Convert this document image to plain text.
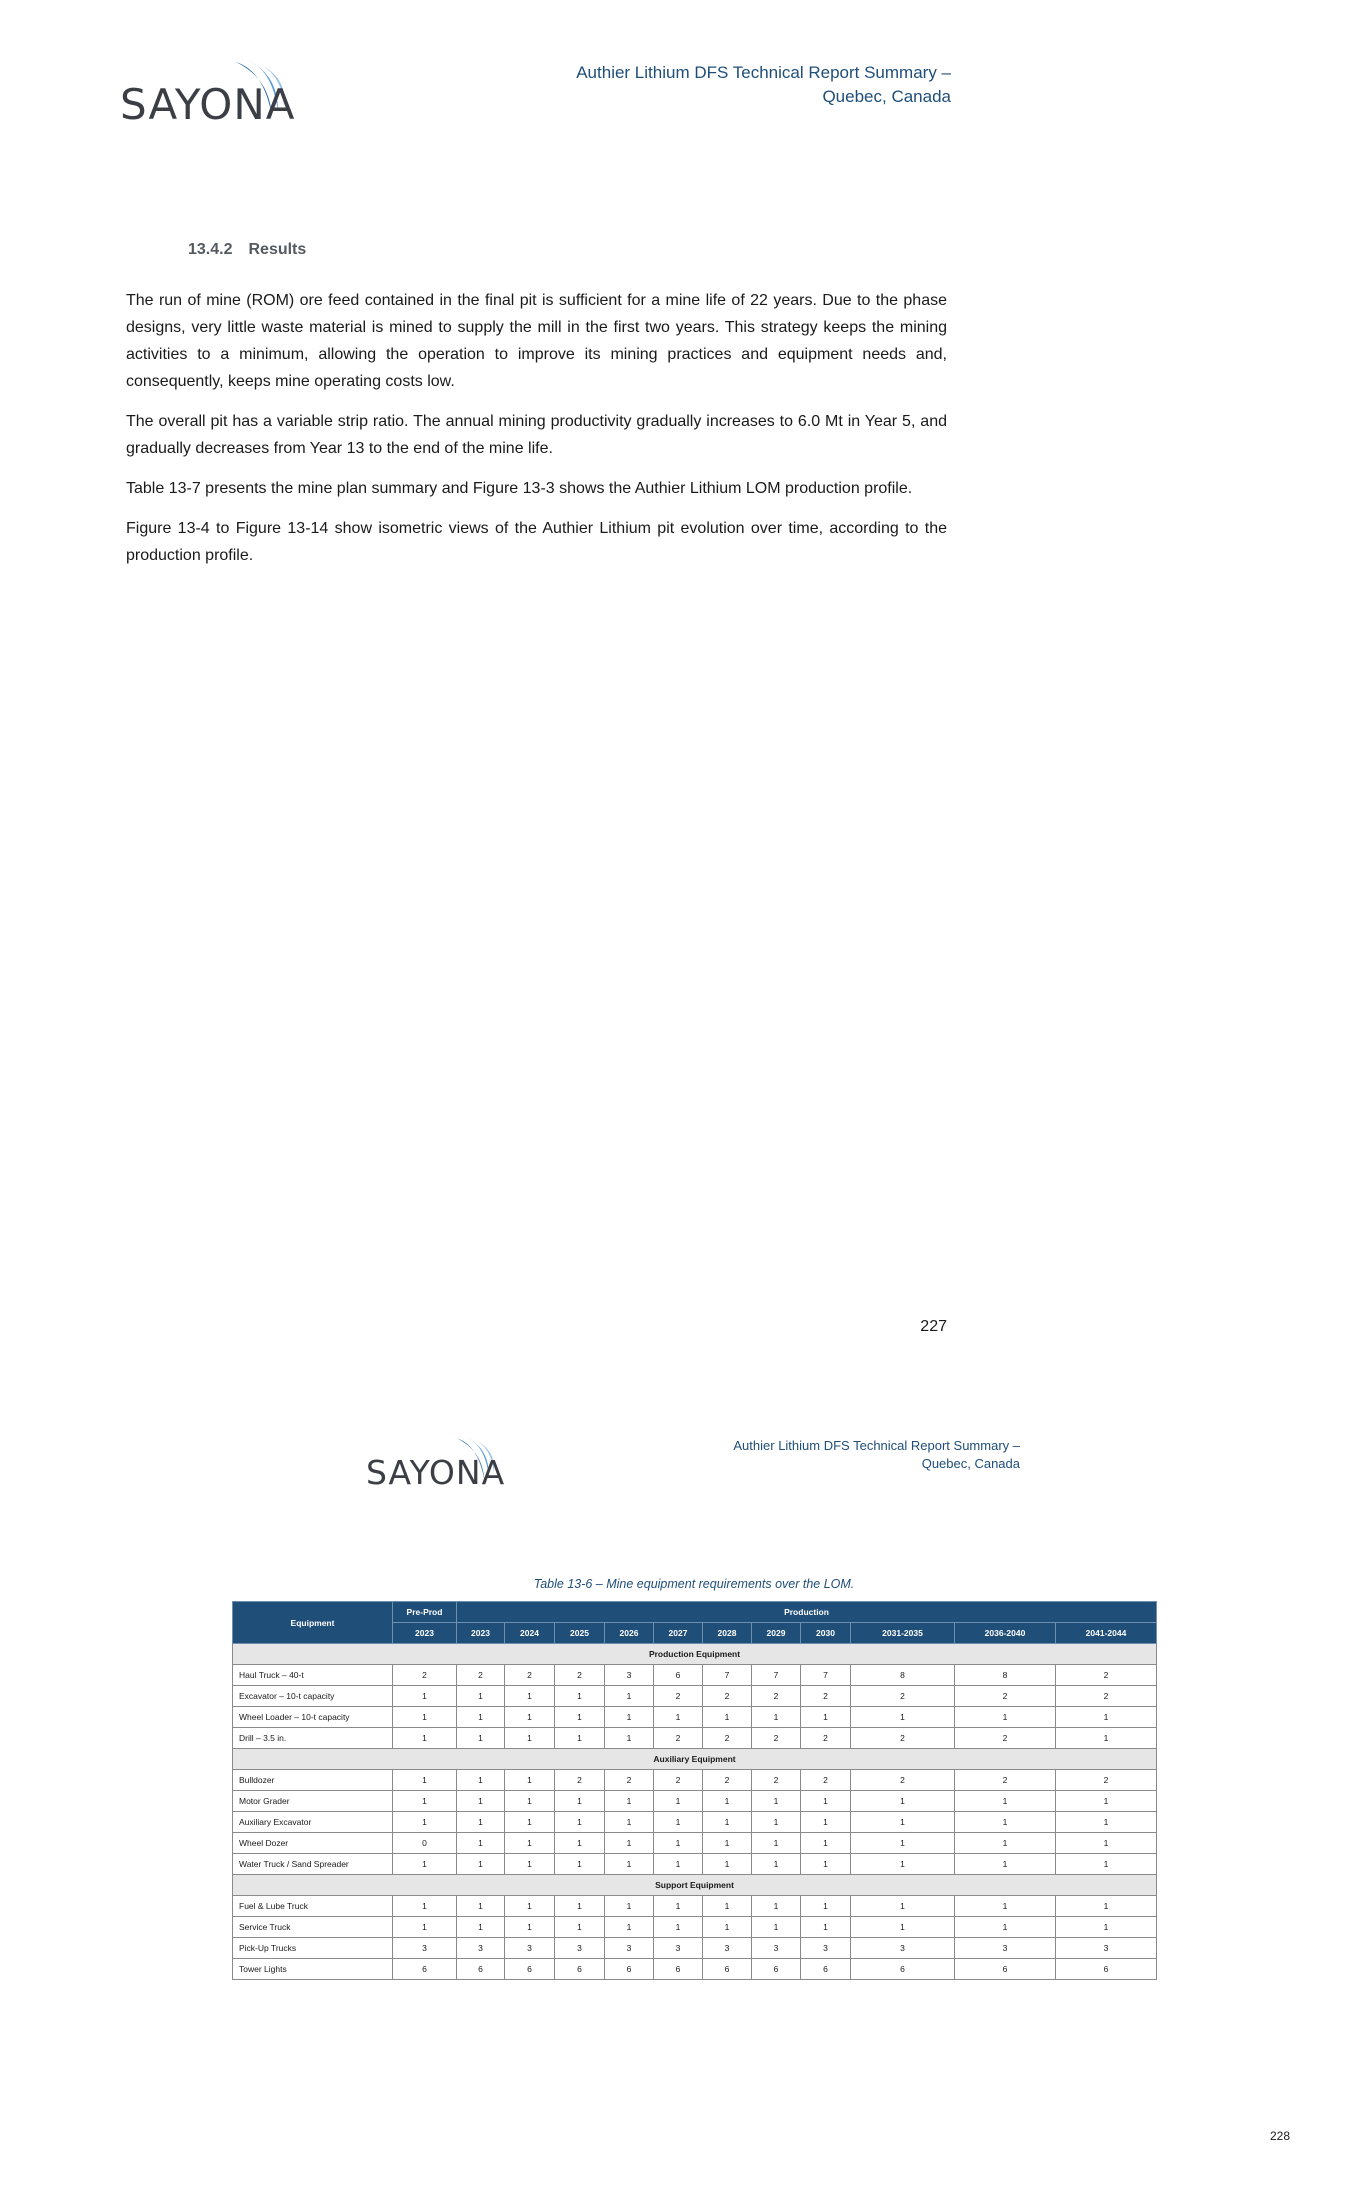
SAYONA
Authier Lithium DFS Technical Report Summary –
Quebec, Canada
13.4.2 Results

The run of mine (ROM) ore feed contained in the final pit is sufficient for a mine life of 22 years. Due to the phase designs, very little waste material is mined to supply the mill in the first two years. This strategy keeps the mining activities to a minimum, allowing the operation to improve its mining practices and equipment needs and, consequently, keeps mine operating costs low.

The overall pit has a variable strip ratio. The annual mining productivity gradually increases to 6.0 Mt in Year 5, and gradually decreases from Year 13 to the end of the mine life.

Table 13-7 presents the mine plan summary and Figure 13-3 shows the Authier Lithium LOM production profile.

Figure 13-4 to Figure 13-14 show isometric views of the Authier Lithium pit evolution over time, according to the production profile.

227
SAYONA
Authier Lithium DFS Technical Report Summary –
Quebec, Canada
Table 13-6 – Mine equipment requirements over the LOM.
Equipment	Pre-Prod	Production										
	2023	2023	2024	2025	2026	2027	2028	2029	2030	2031-2035	2036-2040	2041-2044
Production Equipment												
Haul Truck – 40-t	2	2	2	2	3	6	7	7	7	8	8	2
Excavator – 10-t capacity	1	1	1	1	1	2	2	2	2	2	2	2
Wheel Loader – 10-t capacity	1	1	1	1	1	1	1	1	1	1	1	1
Drill – 3.5 in.	1	1	1	1	1	2	2	2	2	2	2	1
Auxiliary Equipment												
Bulldozer	1	1	1	2	2	2	2	2	2	2	2	2
Motor Grader	1	1	1	1	1	1	1	1	1	1	1	1
Auxiliary Excavator	1	1	1	1	1	1	1	1	1	1	1	1
Wheel Dozer	0	1	1	1	1	1	1	1	1	1	1	1
Water Truck / Sand Spreader	1	1	1	1	1	1	1	1	1	1	1	1
Support Equipment												
Fuel & Lube Truck	1	1	1	1	1	1	1	1	1	1	1	1
Service Truck	1	1	1	1	1	1	1	1	1	1	1	1
Pick-Up Trucks	3	3	3	3	3	3	3	3	3	3	3	3
Tower Lights	6	6	6	6	6	6	6	6	6	6	6	6
228
